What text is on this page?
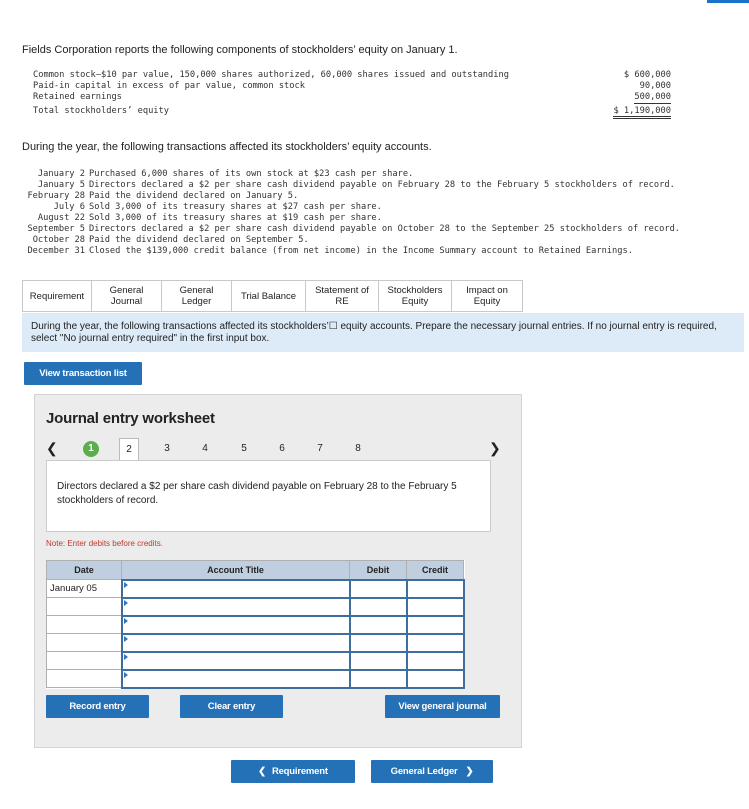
Fields Corporation reports the following components of stockholders’ equity on January 1.
Common stock—$10 par value, 150,000 shares authorized, 60,000 shares issued and outstanding	$ 600,000
Paid-in capital in excess of par value, common stock	90,000
Retained earnings	500,000
Total stockholders’ equity	$ 1,190,000
During the year, the following transactions affected its stockholders’ equity accounts.
January 2 Purchased 6,000 shares of its own stock at $23 cash per share.
January 5 Directors declared a $2 per share cash dividend payable on February 28 to the February 5 stockholders of record.
February 28 Paid the dividend declared on January 5.
July 6 Sold 3,000 of its treasury shares at $27 cash per share.
August 22 Sold 3,000 of its treasury shares at $19 cash per share.
September 5 Directors declared a $2 per share cash dividend payable on October 28 to the September 25 stockholders of record.
October 28 Paid the dividend declared on September 5.
December 31 Closed the $139,000 credit balance (from net income) in the Income Summary account to Retained Earnings.
Requirement	General Journal
General Ledger	Trial Balance	Statement of RE
Stockholders Equity
Impact on Equity
During the year, the following transactions affected its stockholders’☐ equity accounts. Prepare the necessary journal entries. If no journal entry is required, select "No journal entry required" in the first input box.
View transaction list
Journal entry worksheet
❮	1	2	3	4	5	6	7	8	❯
Directors declared a $2 per share cash dividend payable on February 28 to the February 5 stockholders of record.
Note: Enter debits before credits.
Date	Account Title	Debit	Credit
January 05	

Record entry	Clear entry	View general journal
❮ Requirement	General Ledger ❯
